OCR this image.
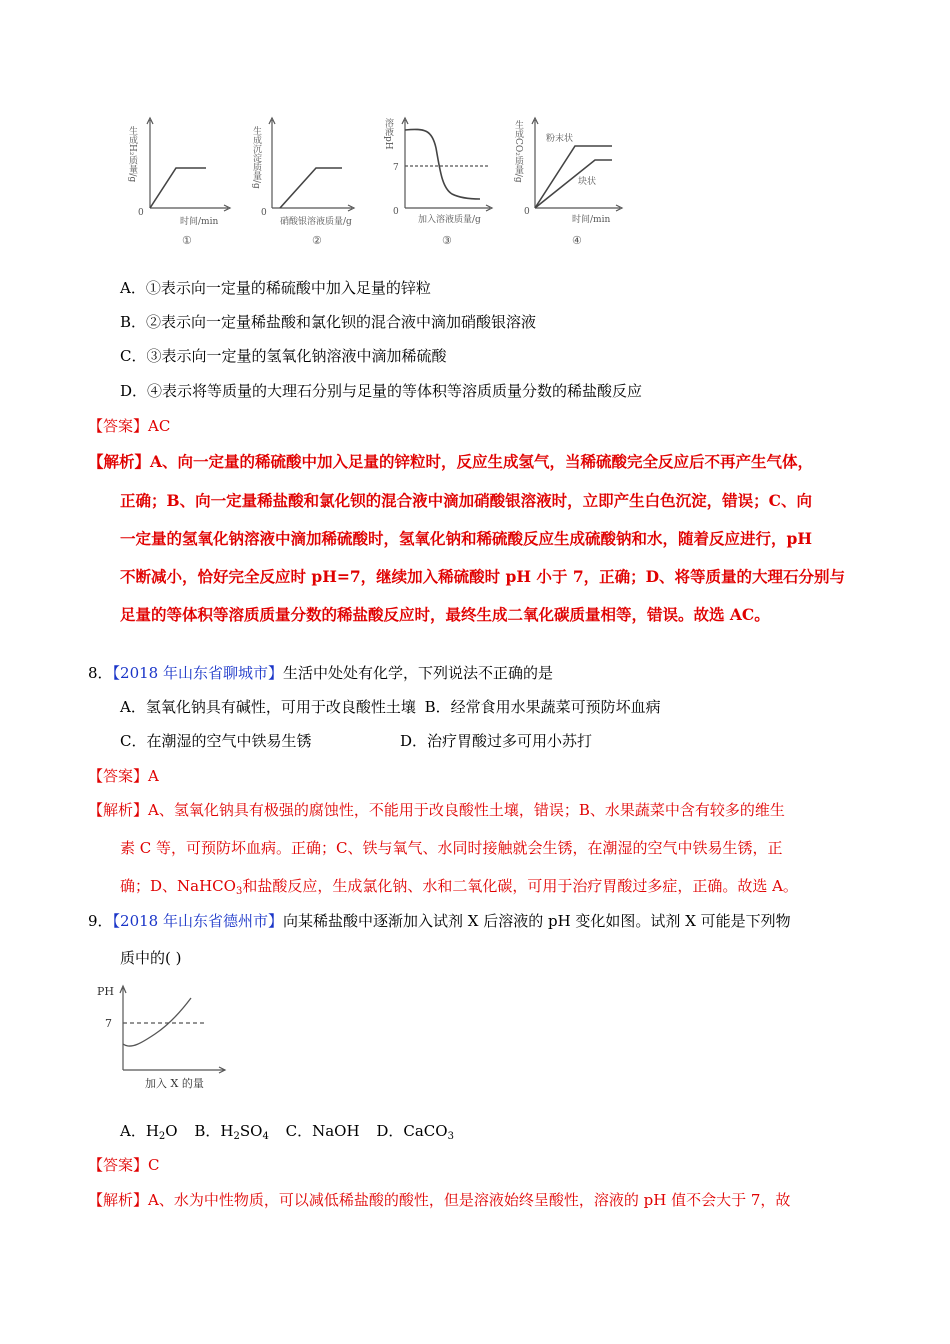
生成H₂质量/g
0
时间/min
①
生成沉淀质量/g
0
硝酸银溶液质量/g
②
溶液pH
7
0
加入溶液质量/g
③
生成CO₂质量/g
0
粉末状
块状
时间/min
④
A．①表示向一定量的稀硫酸中加入足量的锌粒
B．②表示向一定量稀盐酸和氯化钡的混合液中滴加硝酸银溶液
C．③表示向一定量的氢氧化钠溶液中滴加稀硫酸
D．④表示将等质量的大理石分别与足量的等体积等溶质质量分数的稀盐酸反应
【答案】AC
【解析】A、向一定量的稀硫酸中加入足量的锌粒时，反应生成氢气，当稀硫酸完全反应后不再产生气体，
正确；B、向一定量稀盐酸和氯化钡的混合液中滴加硝酸银溶液时，立即产生白色沉淀，错误；C、向
一定量的氢氧化钠溶液中滴加稀硫酸时，氢氧化钠和稀硫酸反应生成硫酸钠和水，随着反应进行，pH
不断减小，恰好完全反应时 pH=7，继续加入稀硫酸时 pH 小于 7，正确；D、将等质量的大理石分别与
足量的等体积等溶质质量分数的稀盐酸反应时，最终生成二氧化碳质量相等，错误。故选 AC。
8．【2018 年山东省聊城市】生活中处处有化学，下列说法不正确的是
A．氢氧化钠具有碱性，可用于改良酸性土壤 B．经常食用水果蔬菜可预防坏血病
C．在潮湿的空气中铁易生锈	D．治疗胃酸过多可用小苏打
【答案】A
【解析】A、氢氧化钠具有极强的腐蚀性，不能用于改良酸性土壤，错误；B、水果蔬菜中含有较多的维生
素 C 等，可预防坏血病。正确；C、铁与氧气、水同时接触就会生锈，在潮湿的空气中铁易生锈，正
确；D、NaHCO$_3$和盐酸反应，生成氯化钠、水和二氧化碳，可用于治疗胃酸过多症，正确。故选 A。
9．【2018 年山东省德州市】向某稀盐酸中逐渐加入试剂 X 后溶液的 pH 变化如图。试剂 X 可能是下列物
质中的( )
PH
7
加入 X 的量
A．$H_2O$ B．$H_2SO_4$ C．NaOH D．CaCO$_3$
【答案】C
【解析】A、水为中性物质，可以减低稀盐酸的酸性，但是溶液始终呈酸性，溶液的 pH 值不会大于 7，故
